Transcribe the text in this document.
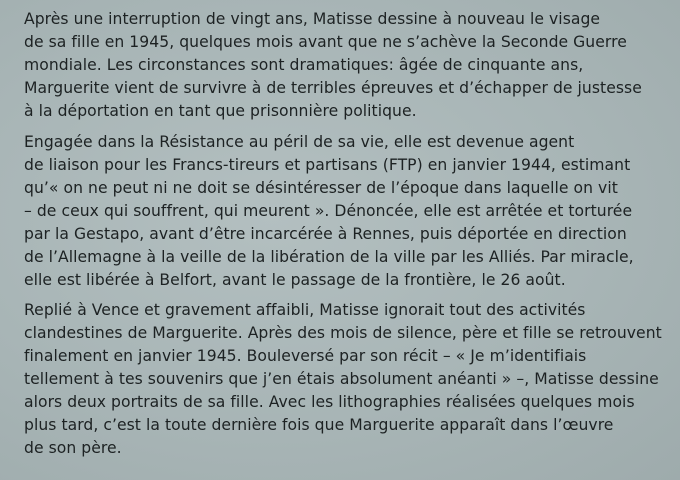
Après une interruption de vingt ans, Matisse dessine à nouveau le visage
de sa fille en 1945, quelques mois avant que ne s’achève la Seconde Guerre
mondiale. Les circonstances sont dramatiques: âgée de cinquante ans,
Marguerite vient de survivre à de terribles épreuves et d’échapper de justesse
à la déportation en tant que prisonnière politique.
Engagée dans la Résistance au péril de sa vie, elle est devenue agent
de liaison pour les Francs-tireurs et partisans (FTP) en janvier 1944, estimant
qu’« on ne peut ni ne doit se désintéresser de l’époque dans laquelle on vit
– de ceux qui souffrent, qui meurent ». Dénoncée, elle est arrêtée et torturée
par la Gestapo, avant d’être incarcérée à Rennes, puis déportée en direction
de l’Allemagne à la veille de la libération de la ville par les Alliés. Par miracle,
elle est libérée à Belfort, avant le passage de la frontière, le 26 août.
Replié à Vence et gravement affaibli, Matisse ignorait tout des activités
clandestines de Marguerite. Après des mois de silence, père et fille se retrouvent
finalement en janvier 1945. Bouleversé par son récit – « Je m’identifiais
tellement à tes souvenirs que j’en étais absolument anéanti » –, Matisse dessine
alors deux portraits de sa fille. Avec les lithographies réalisées quelques mois
plus tard, c’est la toute dernière fois que Marguerite apparaît dans l’œuvre
de son père.
